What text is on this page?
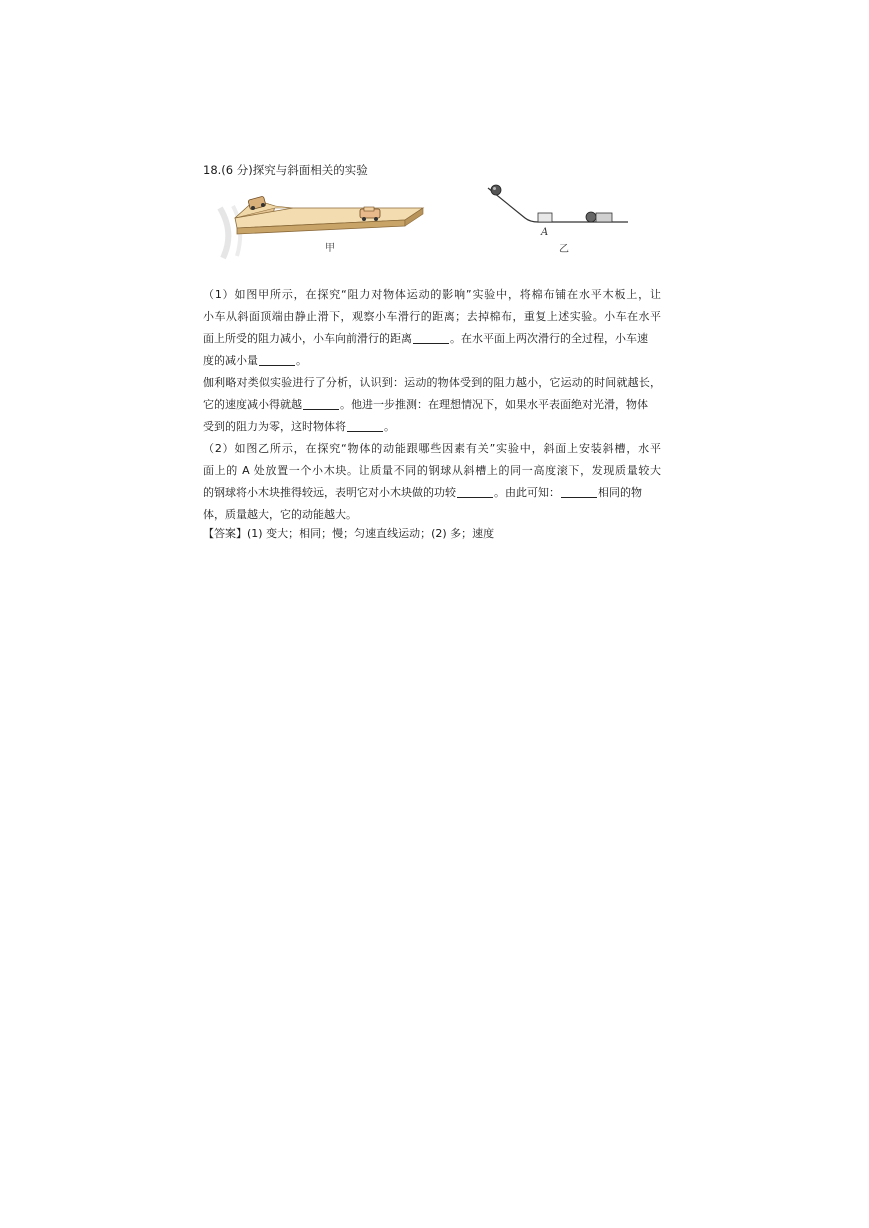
18.(6 分)探究与斜面相关的实验
甲
A
乙
（1）如图甲所示，在探究“阻力对物体运动的影响”实验中，将棉布铺在水平木板上，让
小车从斜面顶端由静止滑下，观察小车滑行的距离；去掉棉布，重复上述实验。小车在水平
面上所受的阻力减小，小车向前滑行的距离	。在水平面上两次滑行的全过程，小车速
度的减小量	。
伽利略对类似实验进行了分析，认识到：运动的物体受到的阻力越小，它运动的时间就越长，
它的速度减小得就越	。他进一步推测：在理想情况下，如果水平表面绝对光滑，物体
受到的阻力为零，这时物体将	。
（2）如图乙所示，在探究“物体的动能跟哪些因素有关”实验中，斜面上安装斜槽，水平
面上的 A 处放置一个小木块。让质量不同的钢球从斜槽上的同一高度滚下，发现质量较大
的钢球将小木块推得较远，表明它对小木块做的功较	。由此可知：	相同的物
体，质量越大，它的动能越大。
【答案】(1) 变大；相同；慢；匀速直线运动；(2) 多；速度
